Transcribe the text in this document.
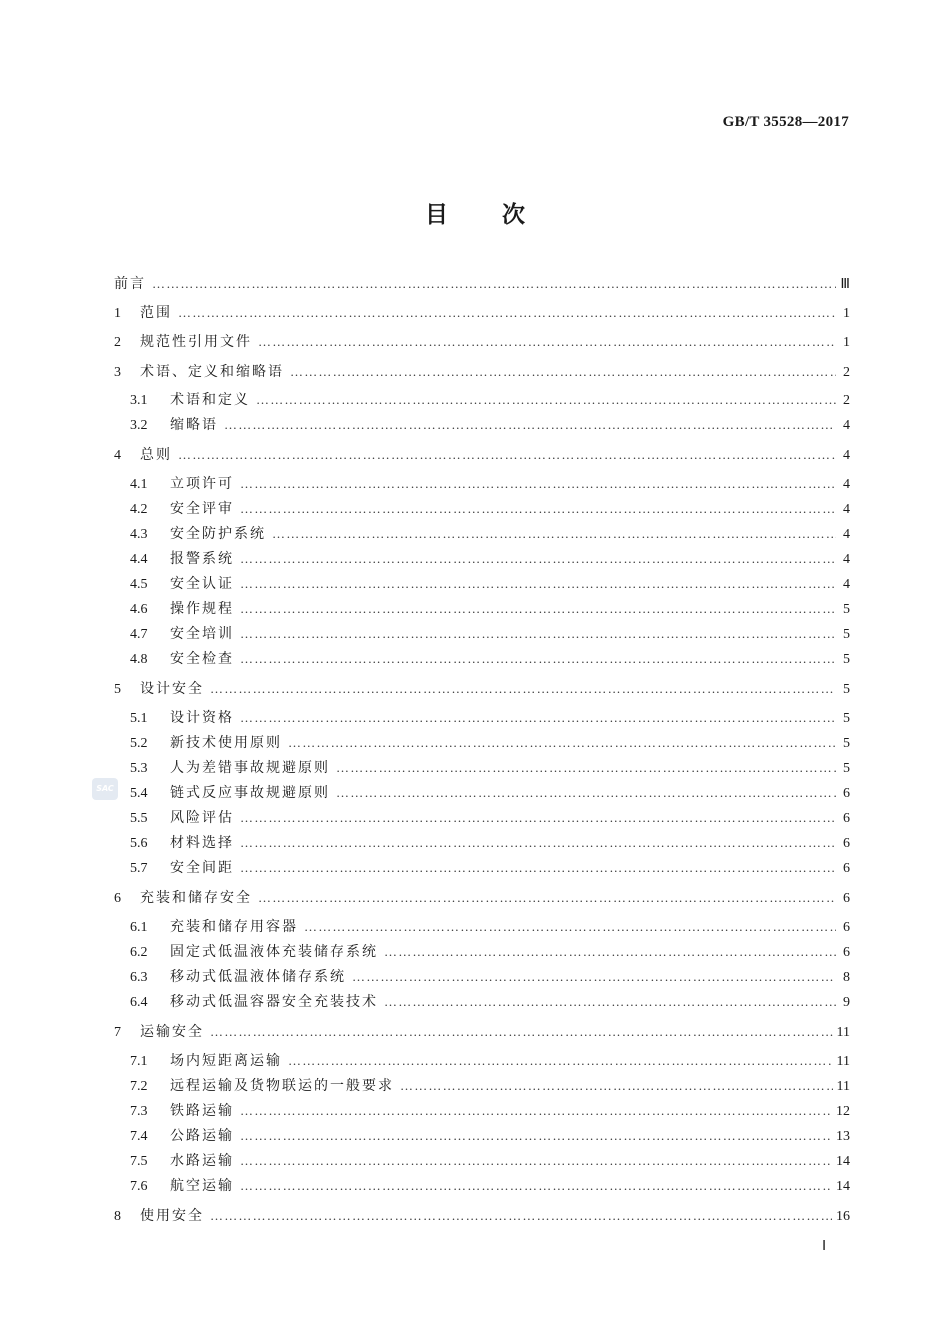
GB/T 35528—2017
目 次
前言 …………………………………………………………………………………………………………………………………………………………………………………………………………………………………	Ⅲ
1	范围 …………………………………………………………………………………………………………………………………………………………………………………………………………………………………	1
2	规范性引用文件 …………………………………………………………………………………………………………………………………………………………………………………………………………………………………	1
3	术语、定义和缩略语 …………………………………………………………………………………………………………………………………………………………………………………………………………………………………	2
3.1	术语和定义 …………………………………………………………………………………………………………………………………………………………………………………………………………………………………	2
3.2	缩略语 …………………………………………………………………………………………………………………………………………………………………………………………………………………………………	4
4	总则 …………………………………………………………………………………………………………………………………………………………………………………………………………………………………	4
4.1	立项许可 …………………………………………………………………………………………………………………………………………………………………………………………………………………………………	4
4.2	安全评审 …………………………………………………………………………………………………………………………………………………………………………………………………………………………………	4
4.3	安全防护系统 …………………………………………………………………………………………………………………………………………………………………………………………………………………………………	4
4.4	报警系统 …………………………………………………………………………………………………………………………………………………………………………………………………………………………………	4
4.5	安全认证 …………………………………………………………………………………………………………………………………………………………………………………………………………………………………	4
4.6	操作规程 …………………………………………………………………………………………………………………………………………………………………………………………………………………………………	5
4.7	安全培训 …………………………………………………………………………………………………………………………………………………………………………………………………………………………………	5
4.8	安全检查 …………………………………………………………………………………………………………………………………………………………………………………………………………………………………	5
5	设计安全 …………………………………………………………………………………………………………………………………………………………………………………………………………………………………	5
5.1	设计资格 …………………………………………………………………………………………………………………………………………………………………………………………………………………………………	5
5.2	新技术使用原则 …………………………………………………………………………………………………………………………………………………………………………………………………………………………………	5
5.3	人为差错事故规避原则 …………………………………………………………………………………………………………………………………………………………………………………………………………………………………	5
5.4	链式反应事故规避原则 …………………………………………………………………………………………………………………………………………………………………………………………………………………………………	6
5.5	风险评估 …………………………………………………………………………………………………………………………………………………………………………………………………………………………………	6
5.6	材料选择 …………………………………………………………………………………………………………………………………………………………………………………………………………………………………	6
5.7	安全间距 …………………………………………………………………………………………………………………………………………………………………………………………………………………………………	6
6	充装和储存安全 …………………………………………………………………………………………………………………………………………………………………………………………………………………………………	6
6.1	充装和储存用容器 …………………………………………………………………………………………………………………………………………………………………………………………………………………………………	6
6.2	固定式低温液体充装储存系统 …………………………………………………………………………………………………………………………………………………………………………………………………………………………………	6
6.3	移动式低温液体储存系统 …………………………………………………………………………………………………………………………………………………………………………………………………………………………………	8
6.4	移动式低温容器安全充装技术 …………………………………………………………………………………………………………………………………………………………………………………………………………………………………	9
7	运输安全 …………………………………………………………………………………………………………………………………………………………………………………………………………………………………	11
7.1	场内短距离运输 …………………………………………………………………………………………………………………………………………………………………………………………………………………………………	11
7.2	远程运输及货物联运的一般要求 …………………………………………………………………………………………………………………………………………………………………………………………………………………………………	11
7.3	铁路运输 …………………………………………………………………………………………………………………………………………………………………………………………………………………………………	12
7.4	公路运输 …………………………………………………………………………………………………………………………………………………………………………………………………………………………………	13
7.5	水路运输 …………………………………………………………………………………………………………………………………………………………………………………………………………………………………	14
7.6	航空运输 …………………………………………………………………………………………………………………………………………………………………………………………………………………………………	14
8	使用安全 …………………………………………………………………………………………………………………………………………………………………………………………………………………………………	16
SAC
Ⅰ
